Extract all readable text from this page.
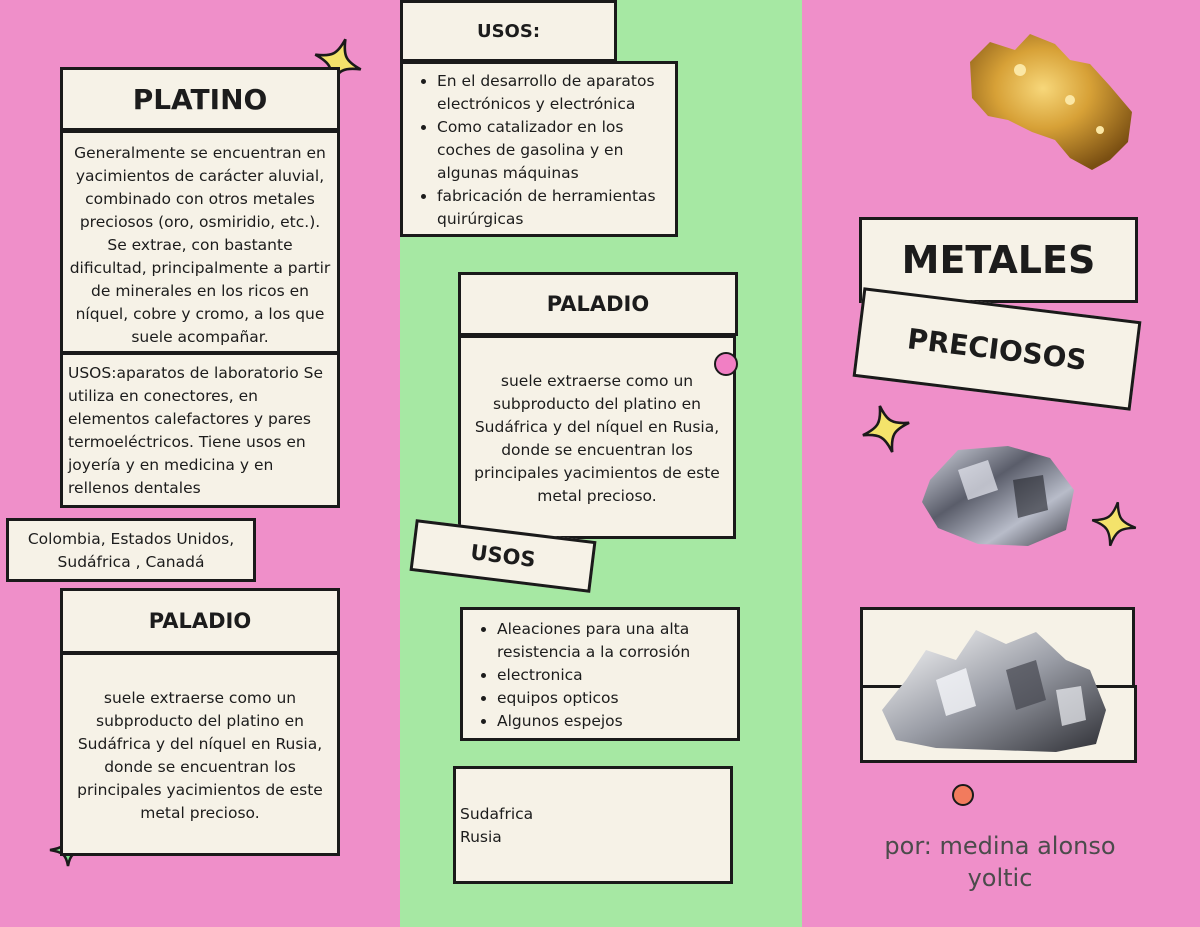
PLATINO
Generalmente se encuentran en yacimientos de carácter aluvial, combinado con otros metales preciosos (oro, osmiridio, etc.). Se extrae, con bastante dificultad, principalmente a partir de minerales en los ricos en níquel, cobre y cromo, a los que suele acompañar.
USOS:aparatos de laboratorio Se utiliza en conectores, en elementos calefactores y pares termoeléctricos. Tiene usos en joyería y en medicina y en rellenos dentales
Colombia, Estados Unidos, Sudáfrica , Canadá
PALADIO
suele extraerse como un subproducto del platino en Sudáfrica y del níquel en Rusia, donde se encuentran los principales yacimientos de este metal precioso.
USOS:
• En el desarrollo de aparatos electrónicos y electrónica
• Como catalizador en los coches de gasolina y en algunas máquinas
• fabricación de herramientas quirúrgicas
PALADIO
suele extraerse como un subproducto del platino en Sudáfrica y del níquel en Rusia, donde se encuentran los principales yacimientos de este metal precioso.
USOS
• Aleaciones para una alta resistencia a la corrosión
• electronica
• equipos opticos
• Algunos espejos
Sudafrica
Rusia
METALES
PRECIOSOS
por: medina alonso
yoltic
